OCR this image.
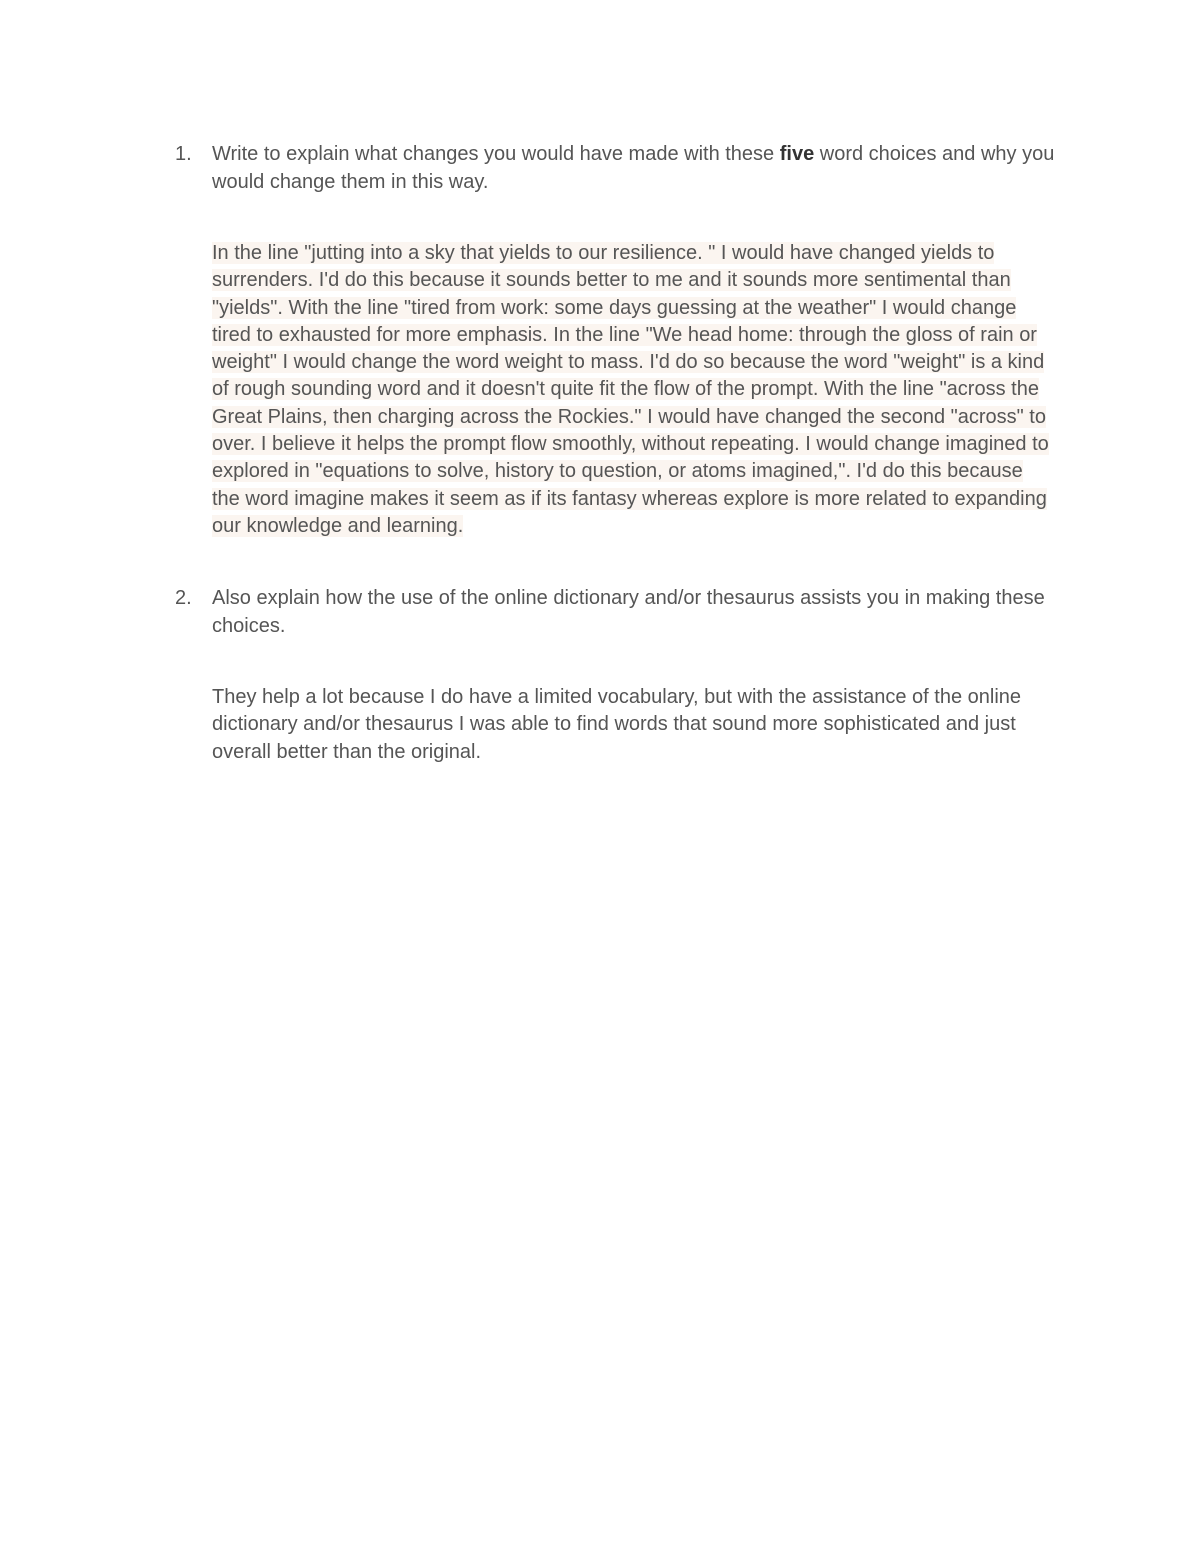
1. Write to explain what changes you would have made with these five word choices and why you would change them in this way.
In the line "jutting into a sky that yields to our resilience. " I would have changed yields to surrenders. I'd do this because it sounds better to me and it sounds more sentimental than "yields". With the line "tired from work: some days guessing at the weather" I would change tired to exhausted for more emphasis. In the line "We head home: through the gloss of rain or weight" I would change the word weight to mass. I'd do so because the word "weight" is a kind of rough sounding word and it doesn't quite fit the flow of the prompt. With the line "across the Great Plains, then charging across the Rockies." I would have changed the second "across" to over. I believe it helps the prompt flow smoothly, without repeating. I would change imagined to explored in "equations to solve, history to question, or atoms imagined,". I'd do this because the word imagine makes it seem as if its fantasy whereas explore is more related to expanding our knowledge and learning.
2. Also explain how the use of the online dictionary and/or thesaurus assists you in making these choices.
They help a lot because I do have a limited vocabulary, but with the assistance of the online dictionary and/or thesaurus I was able to find words that sound more sophisticated and just overall better than the original.
